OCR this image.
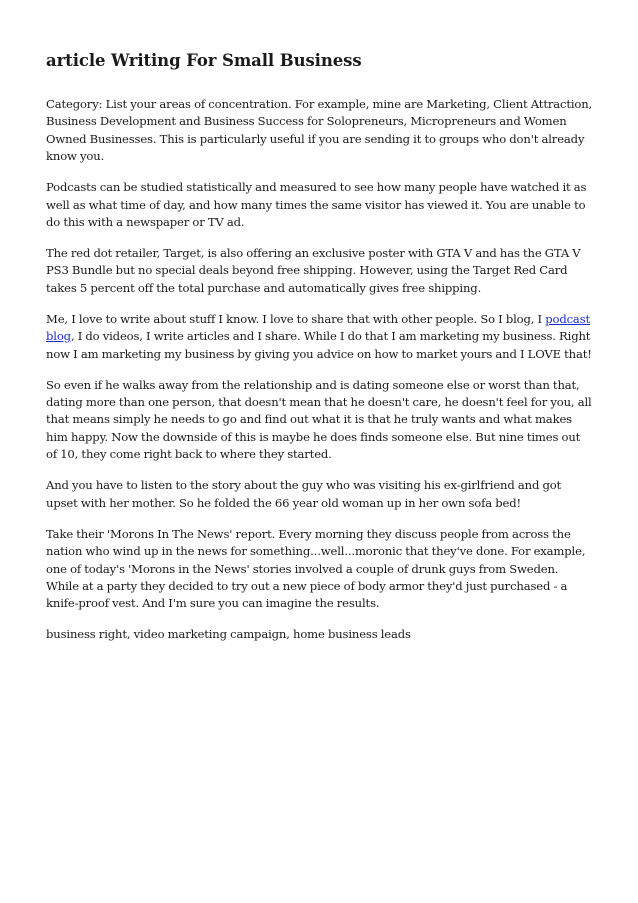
article Writing For Small Business

Category: List your areas of concentration. For example, mine are Marketing, Client Attraction, Business Development and Business Success for Solopreneurs, Micropreneurs and Women Owned Businesses. This is particularly useful if you are sending it to groups who don't already know you.

Podcasts can be studied statistically and measured to see how many people have watched it as well as what time of day, and how many times the same visitor has viewed it. You are unable to do this with a newspaper or TV ad.

The red dot retailer, Target, is also offering an exclusive poster with GTA V and has the GTA V PS3 Bundle but no special deals beyond free shipping. However, using the Target Red Card takes 5 percent off the total purchase and automatically gives free shipping.

Me, I love to write about stuff I know. I love to share that with other people. So I blog, I podcast blog, I do videos, I write articles and I share. While I do that I am marketing my business. Right now I am marketing my business by giving you advice on how to market yours and I LOVE that!

So even if he walks away from the relationship and is dating someone else or worst than that, dating more than one person, that doesn't mean that he doesn't care, he doesn't feel for you, all that means simply he needs to go and find out what it is that he truly wants and what makes him happy. Now the downside of this is maybe he does finds someone else. But nine times out of 10, they come right back to where they started.

And you have to listen to the story about the guy who was visiting his ex-girlfriend and got upset with her mother. So he folded the 66 year old woman up in her own sofa bed!

Take their 'Morons In The News' report. Every morning they discuss people from across the nation who wind up in the news for something...well...moronic that they've done. For example, one of today's 'Morons in the News' stories involved a couple of drunk guys from Sweden. While at a party they decided to try out a new piece of body armor they'd just purchased - a knife-proof vest. And I'm sure you can imagine the results.

business right, video marketing campaign, home business leads
